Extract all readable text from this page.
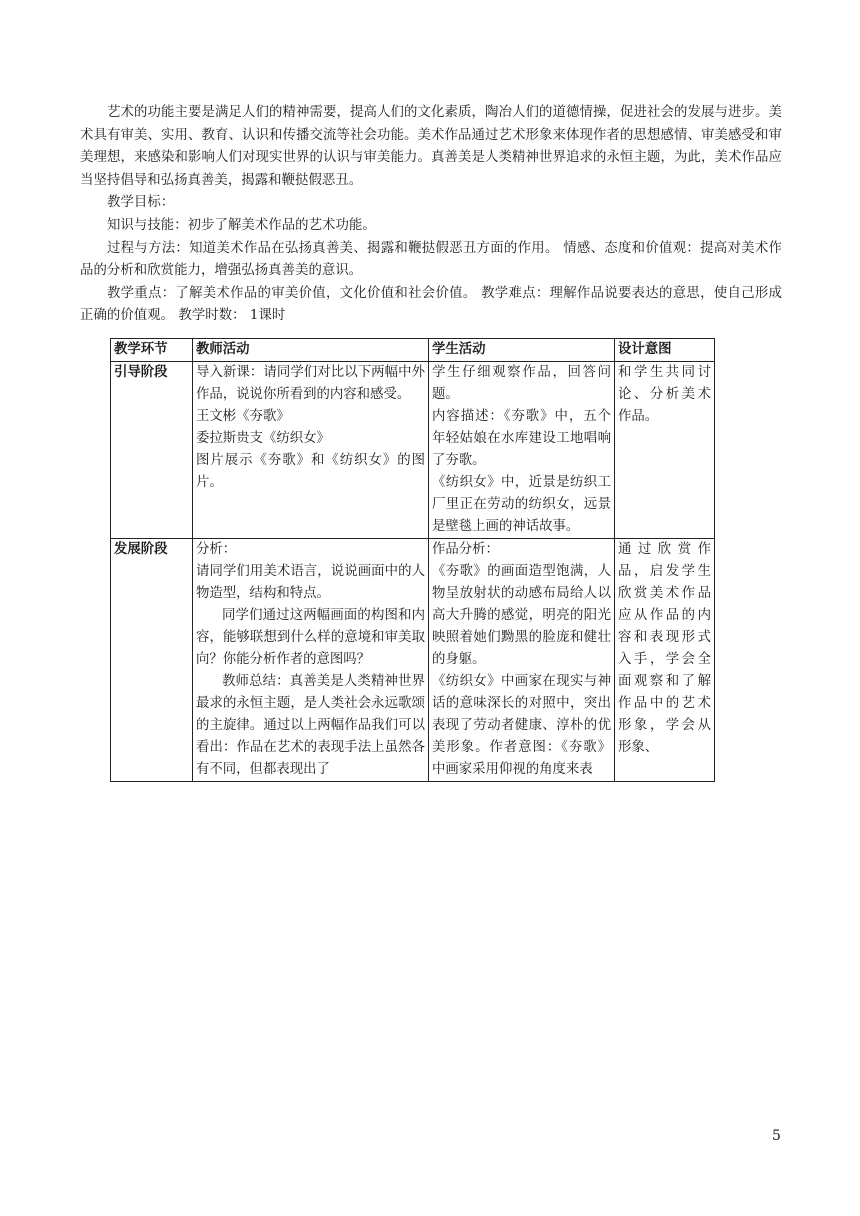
艺术的功能主要是满足人们的精神需要，提高人们的文化素质，陶冶人们的道德情操，促进社会的发展与进步。美术具有审美、实用、教育、认识和传播交流等社会功能。美术作品通过艺术形象来体现作者的思想感情、审美感受和审美理想，来感染和影响人们对现实世界的认识与审美能力。真善美是人类精神世界追求的永恒主题，为此，美术作品应当坚持倡导和弘扬真善美，揭露和鞭挞假恶丑。

教学目标：

知识与技能：初步了解美术作品的艺术功能。

过程与方法：知道美术作品在弘扬真善美、揭露和鞭挞假恶丑方面的作用。 情感、态度和价值观：提高对美术作品的分析和欣赏能力，增强弘扬真善美的意识。

教学重点：了解美术作品的审美价值，文化价值和社会价值。 教学难点：理解作品说要表达的意思，使自己形成正确的价值观。 教学时数： 1课时

教学环节	教师活动	学生活动	设计意图
引导阶段	导入新课：请同学们对比以下两幅中外作品，说说你所看到的内容和感受。
王文彬《夯歌》
委拉斯贵支《纺织女》
图片展示《夯歌》和《纺织女》的图片。	学生仔细观察作品，回答问题。
内容描述：《夯歌》中，五个年轻姑娘在水库建设工地唱响了夯歌。
《纺织女》中，近景是纺织工厂里正在劳动的纺织女，远景是壁毯上画的神话故事。	和学生共同讨论、分析美术作品。

发展阶段	分析：
请同学们用美术语言，说说画面中的人物造型，结构和特点。
同学们通过这两幅画面的构图和内容，能够联想到什么样的意境和审美取向？你能分析作者的意图吗？
教师总结：真善美是人类精神世界最求的永恒主题，是人类社会永远歌颂的主旋律。通过以上两幅作品我们可以看出：作品在艺术的表现手法上虽然各有不同，但都表现出了	作品分析：
《夯歌》的画面造型饱满，人物呈放射状的动感布局给人以高大升腾的感觉，明亮的阳光映照着她们黝黑的脸庞和健壮的身躯。
《纺织女》中画家在现实与神话的意味深长的对照中，突出表现了劳动者健康、淳朴的优美形象。作者意图：《夯歌》中画家采用仰视的角度来表	通过欣赏作品，启发学生欣赏美术作品应从作品的内容和表现形式入手，学会全面观察和了解作品中的艺术形象，学会从形象、
5
